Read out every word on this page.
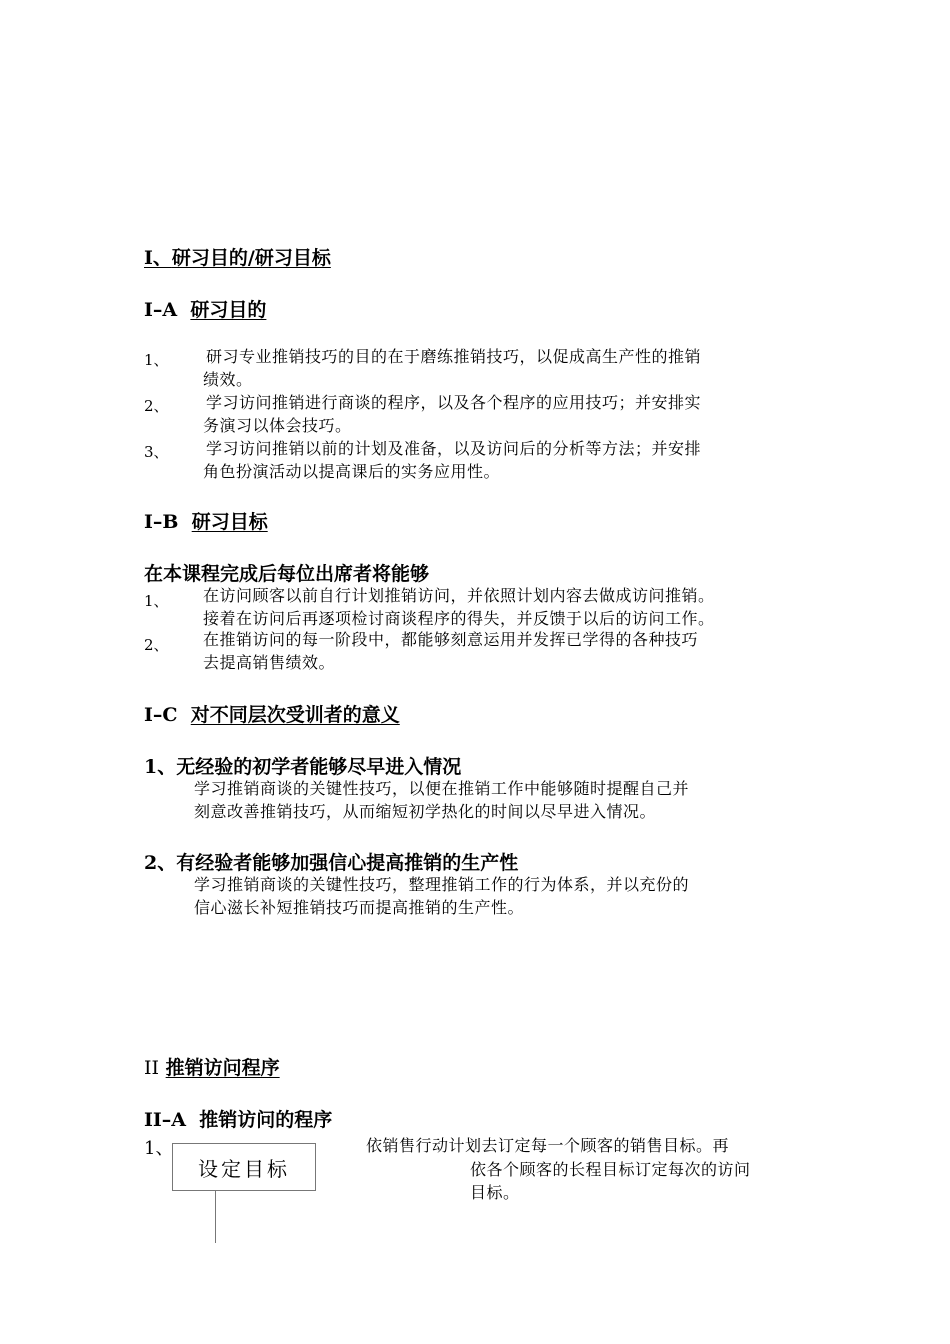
I、研习目的/研习目标
I–A 研习目的
1、	研习专业推销技巧的目的在于磨练推销技巧，以促成高生产性的推销
绩效。
2、	学习访问推销进行商谈的程序，以及各个程序的应用技巧；并安排实
务演习以体会技巧。
3、	学习访问推销以前的计划及准备，以及访问后的分析等方法；并安排
角色扮演活动以提高课后的实务应用性。
I–B 研习目标
在本课程完成后每位出席者将能够
1、	在访问顾客以前自行计划推销访问，并依照计划内容去做成访问推销。
接着在访问后再逐项检讨商谈程序的得失，并反馈于以后的访问工作。
2、	在推销访问的每一阶段中，都能够刻意运用并发挥已学得的各种技巧
去提高销售绩效。
I–C 对不同层次受训者的意义
1、无经验的初学者能够尽早进入情况
学习推销商谈的关键性技巧，以便在推销工作中能够随时提醒自己并
刻意改善推销技巧，从而缩短初学热化的时间以尽早进入情况。
2、有经验者能够加强信心提高推销的生产性
学习推销商谈的关键性技巧，整理推销工作的行为体系，并以充份的
信心滋长补短推销技巧而提高推销的生产性。
II 推销访问程序
II–A 推销访问的程序
1、
设定目标
依销售行动计划去订定每一个顾客的销售目标。再
依各个顾客的长程目标订定每次的访问
目标。
